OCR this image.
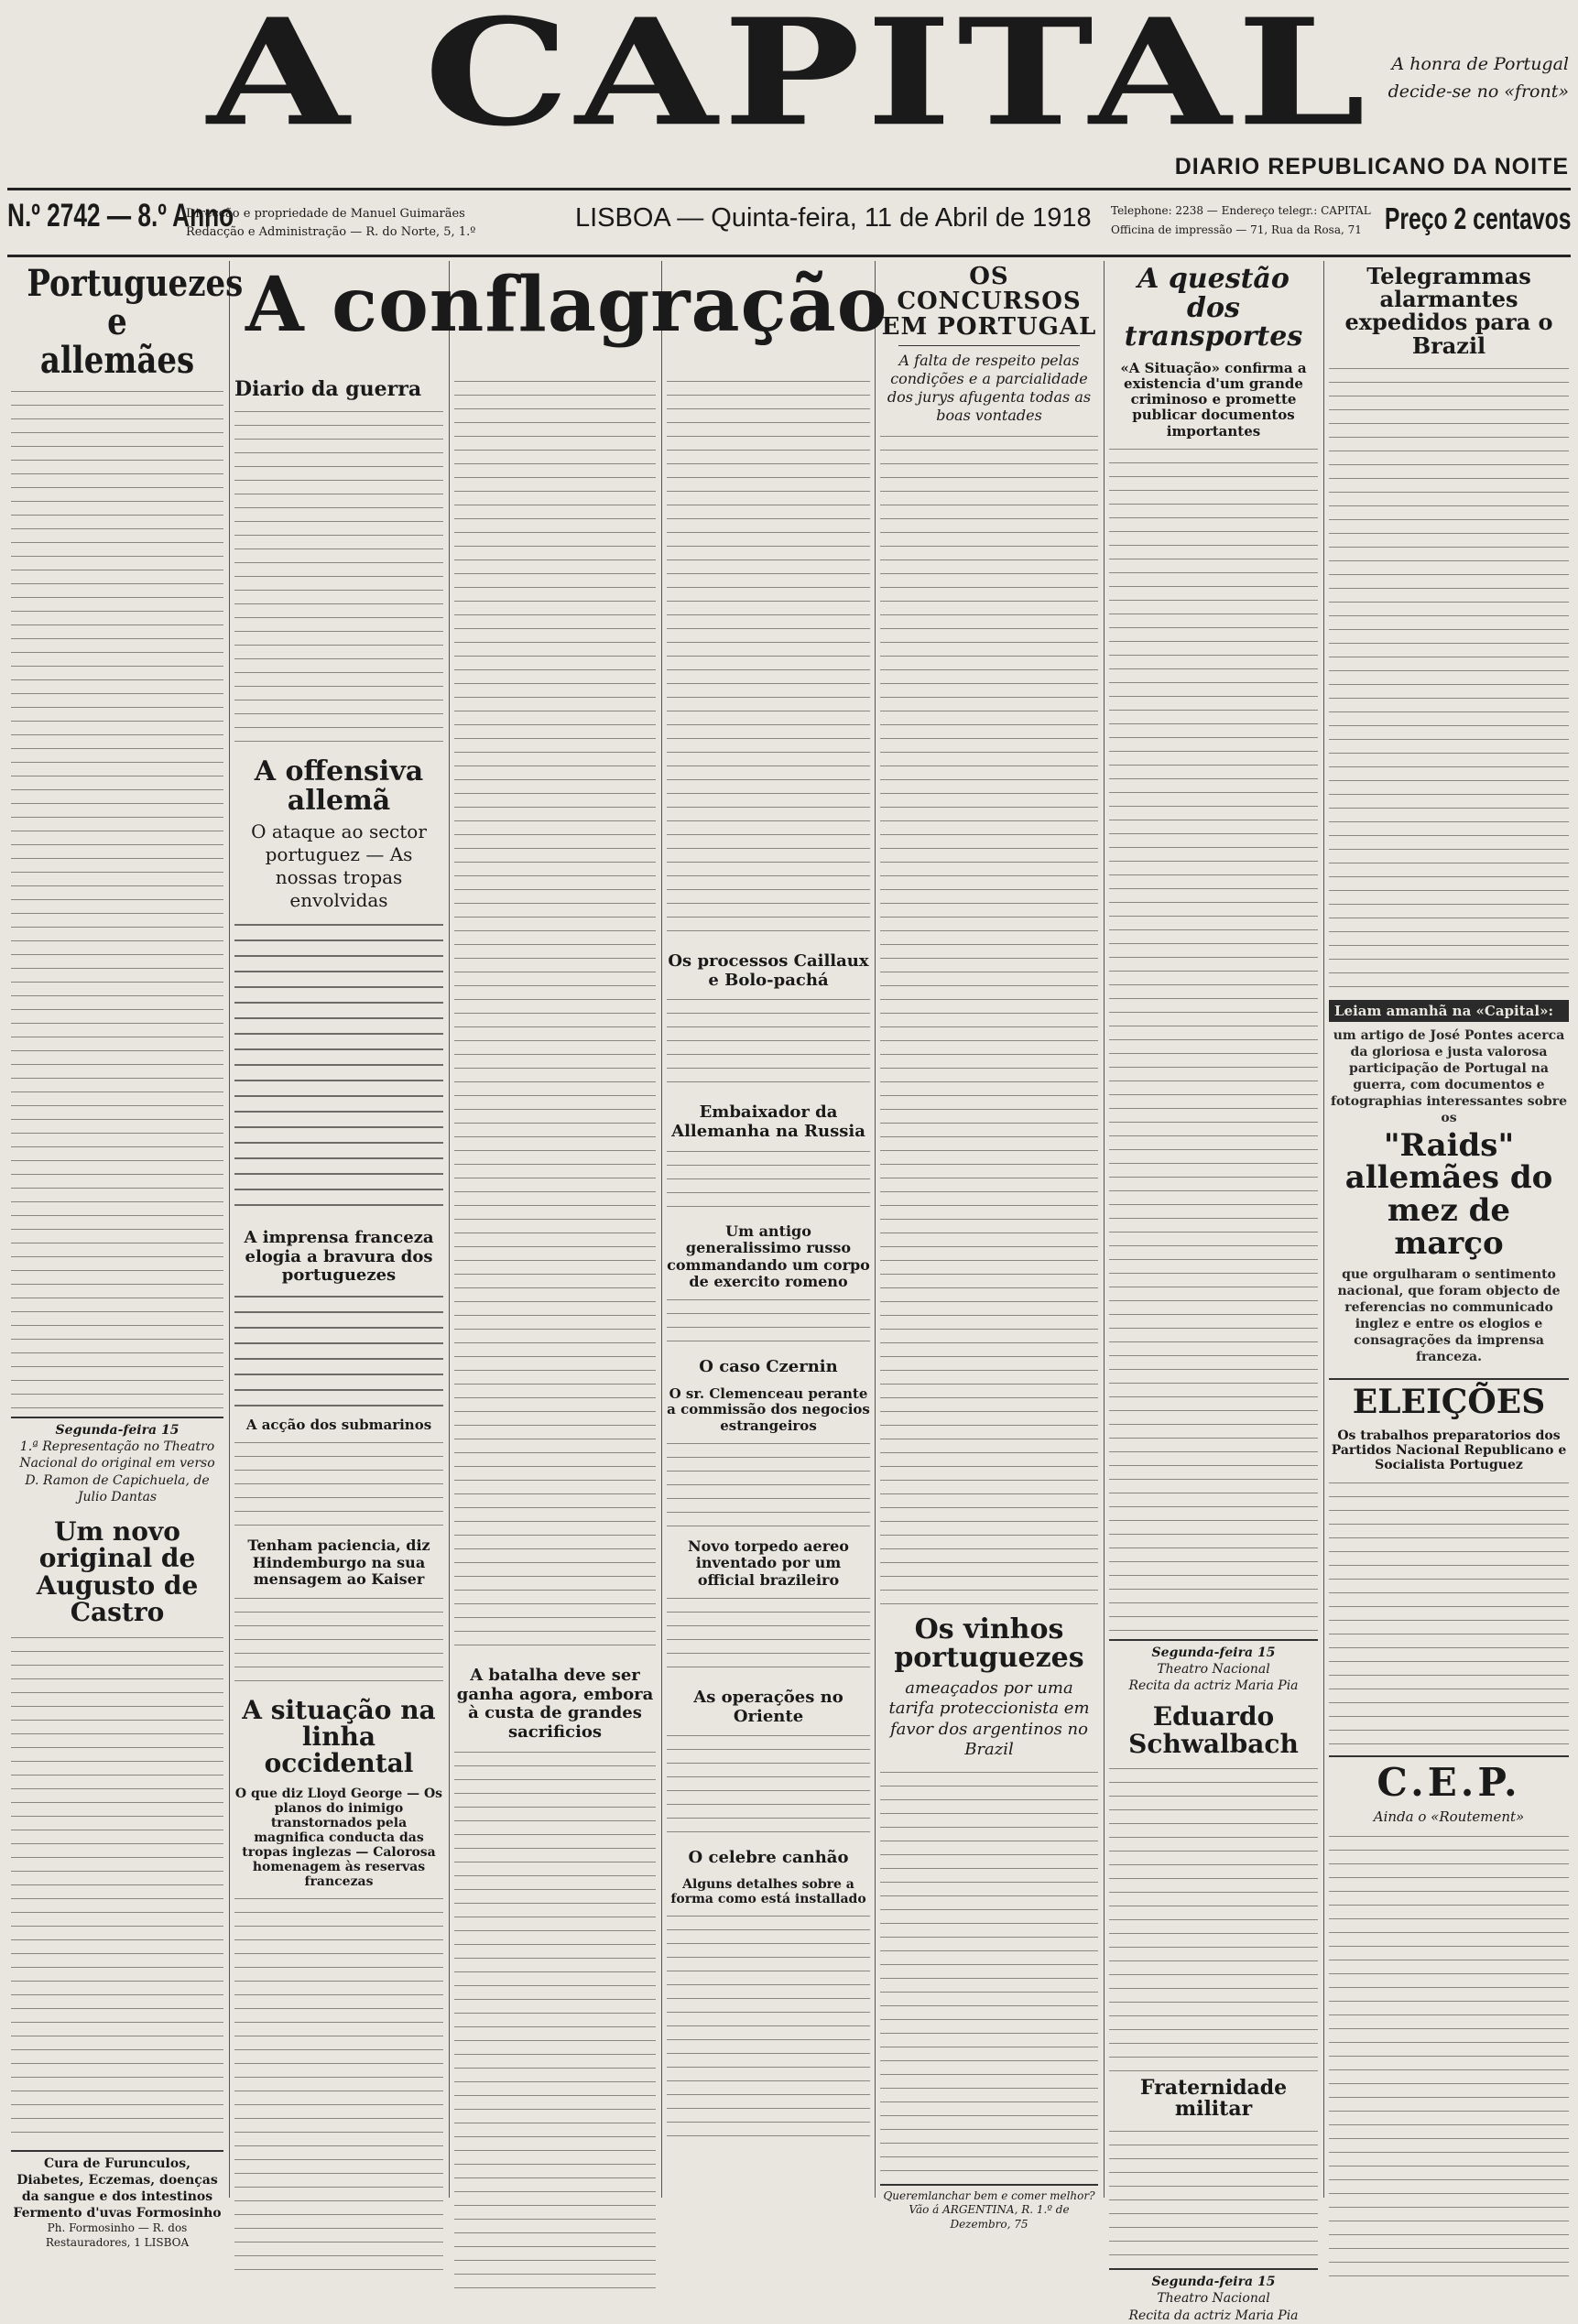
A CAPITAL	A honra de Portugal
decide-se no «front»
DIARIO REPUBLICANO DA NOITE
N.º 2742 — 8.º Anno
Direcção e propriedade de Manuel Guimarães
Redacção e Administração — R. do Norte, 5, 1.º	LISBOA — Quinta-feira, 11 de Abril de 1918 Telephone: 2238 — Endereço telegr.: CAPITAL
Officina de impressão — 71, Rua da Rosa, 71 Preço 2 centavos
A conflagração
Portuguezes e allemães
Segunda-feira 15
1.ª Representação no Theatro Nacional do original em verso D. Ramon de Capichuela, de Julio Dantas
Um novo original de Augusto de Castro
Cura de Furunculos, Diabetes, Eczemas, doenças da sangue e dos intestinos Fermento d'uvas Formosinho
Ph. Formosinho — R. dos Restauradores, 1 LISBOA
Diario da guerra
A offensiva allemã
O ataque ao sector portuguez — As nossas tropas envolvidas
A imprensa franceza elogia a bravura dos portuguezes
A acção dos submarinos
Tenham paciencia, diz Hindemburgo na sua mensagem ao Kaiser
A situação na linha occidental
O que diz Lloyd George — Os planos do inimigo transtornados pela magnifica conducta das tropas inglezas — Calorosa homenagem às reservas francezas
A batalha deve ser ganha agora, embora à custa de grandes sacrificios
Os processos Caillaux e Bolo-pachá
Embaixador da Allemanha na Russia
Um antigo generalissimo russo commandando um corpo de exercito romeno
O caso Czernin
O sr. Clemenceau perante a commissão dos negocios estrangeiros
Novo torpedo aereo inventado por um official brazileiro
As operações no Oriente
O celebre canhão
Alguns detalhes sobre a forma como está installado
OS CONCURSOS EM PORTUGAL
A falta de respeito pelas condições e a parcialidade dos jurys afugenta todas as boas vontades
Os vinhos portuguezes
ameaçados por uma tarifa proteccionista em favor dos argentinos no Brazil
Queremlanchar bem e comer melhor?
Vão á ARGENTINA, R. 1.º de Dezembro, 75
A questão dos transportes
«A Situação» confirma a existencia d'um grande criminoso e promette publicar documentos importantes
Segunda-feira 15
Theatro Nacional
Recita da actriz Maria Pia
Eduardo Schwalbach
Fraternidade militar
Segunda-feira 15
Theatro Nacional
Recita da actriz Maria Pia
Telegrammas alarmantes expedidos para o Brazil
Leiam amanhã na «Capital»:
um artigo de José Pontes acerca da gloriosa e justa valorosa participação de Portugal na guerra, com documentos e fotographias interessantes sobre os
"Raids" allemães do mez de março
que orgulharam o sentimento nacional, que foram objecto de referencias no communicado inglez e entre os elogios e consagrações da imprensa franceza.
ELEIÇÕES
Os trabalhos preparatorios dos Partidos Nacional Republicano e Socialista Portuguez
C.E.P.
Ainda o «Routement»
